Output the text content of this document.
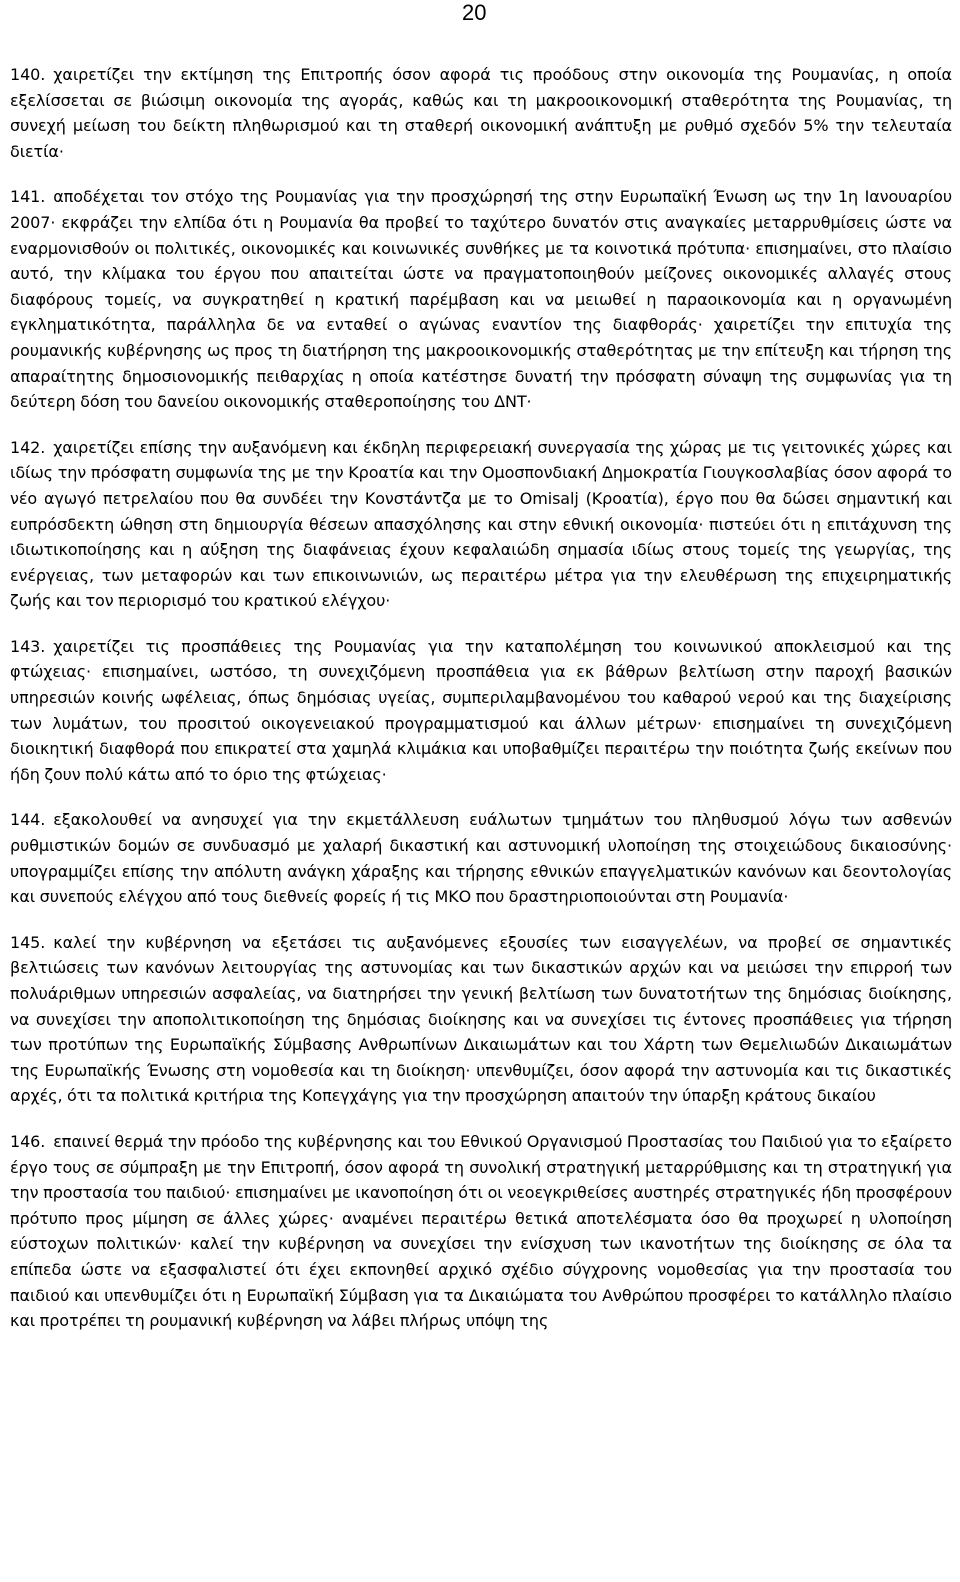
20

140. χαιρετίζει την εκτίμηση της Επιτροπής όσον αφορά τις προόδους στην οικονομία της Ρουμανίας, η οποία εξελίσσεται σε βιώσιμη οικονομία της αγοράς, καθώς και τη μακροοικονομική σταθερότητα της Ρουμανίας, τη συνεχή μείωση του δείκτη πληθωρισμού και τη σταθερή οικονομική ανάπτυξη με ρυθμό σχεδόν 5% την τελευταία διετία·

141. αποδέχεται τον στόχο της Ρουμανίας για την προσχώρησή της στην Ευρωπαϊκή Ένωση ως την 1η Ιανουαρίου 2007· εκφράζει την ελπίδα ότι η Ρουμανία θα προβεί το ταχύτερο δυνατόν στις αναγκαίες μεταρρυθμίσεις ώστε να εναρμονισθούν οι πολιτικές, οικονομικές και κοινωνικές συνθήκες με τα κοινοτικά πρότυπα· επισημαίνει, στο πλαίσιο αυτό, την κλίμακα του έργου που απαιτείται ώστε να πραγματοποιηθούν μείζονες οικονομικές αλλαγές στους διαφόρους τομείς, να συγκρατηθεί η κρατική παρέμβαση και να μειωθεί η παραοικονομία και η οργανωμένη εγκληματικότητα, παράλληλα δε να ενταθεί ο αγώνας εναντίον της διαφθοράς· χαιρετίζει την επιτυχία της ρουμανικής κυβέρνησης ως προς τη διατήρηση της μακροοικονομικής σταθερότητας με την επίτευξη και τήρηση της απαραίτητης δημοσιονομικής πειθαρχίας η οποία κατέστησε δυνατή την πρόσφατη σύναψη της συμφωνίας για τη δεύτερη δόση του δανείου οικονομικής σταθεροποίησης του ΔΝΤ·

142. χαιρετίζει επίσης την αυξανόμενη και έκδηλη περιφερειακή συνεργασία της χώρας με τις γειτονικές χώρες και ιδίως την πρόσφατη συμφωνία της με την Κροατία και την Ομοσπονδιακή Δημοκρατία Γιουγκοσλαβίας όσον αφορά το νέο αγωγό πετρελαίου που θα συνδέει την Κονστάντζα με το Omisalj (Κροατία), έργο που θα δώσει σημαντική και ευπρόσδεκτη ώθηση στη δημιουργία θέσεων απασχόλησης και στην εθνική οικονομία· πιστεύει ότι η επιτάχυνση της ιδιωτικοποίησης και η αύξηση της διαφάνειας έχουν κεφαλαιώδη σημασία ιδίως στους τομείς της γεωργίας, της ενέργειας, των μεταφορών και των επικοινωνιών, ως περαιτέρω μέτρα για την ελευθέρωση της επιχειρηματικής ζωής και τον περιορισμό του κρατικού ελέγχου·

143. χαιρετίζει τις προσπάθειες της Ρουμανίας για την καταπολέμηση του κοινωνικού αποκλεισμού και της φτώχειας· επισημαίνει, ωστόσο, τη συνεχιζόμενη προσπάθεια για εκ βάθρων βελτίωση στην παροχή βασικών υπηρεσιών κοινής ωφέλειας, όπως δημόσιας υγείας, συμπεριλαμβανομένου του καθαρού νερού και της διαχείρισης των λυμάτων, του προσιτού οικογενειακού προγραμματισμού και άλλων μέτρων· επισημαίνει τη συνεχιζόμενη διοικητική διαφθορά που επικρατεί στα χαμηλά κλιμάκια και υποβαθμίζει περαιτέρω την ποιότητα ζωής εκείνων που ήδη ζουν πολύ κάτω από το όριο της φτώχειας·

144. εξακολουθεί να ανησυχεί για την εκμετάλλευση ευάλωτων τμημάτων του πληθυσμού λόγω των ασθενών ρυθμιστικών δομών σε συνδυασμό με χαλαρή δικαστική και αστυνομική υλοποίηση της στοιχειώδους δικαιοσύνης· υπογραμμίζει επίσης την απόλυτη ανάγκη χάραξης και τήρησης εθνικών επαγγελματικών κανόνων και δεοντολογίας και συνεπούς ελέγχου από τους διεθνείς φορείς ή τις ΜΚΟ που δραστηριοποιούνται στη Ρουμανία·

145. καλεί την κυβέρνηση να εξετάσει τις αυξανόμενες εξουσίες των εισαγγελέων, να προβεί σε σημαντικές βελτιώσεις των κανόνων λειτουργίας της αστυνομίας και των δικαστικών αρχών και να μειώσει την επιρροή των πολυάριθμων υπηρεσιών ασφαλείας, να διατηρήσει την γενική βελτίωση των δυνατοτήτων της δημόσιας διοίκησης, να συνεχίσει την αποπολιτικοποίηση της δημόσιας διοίκησης και να συνεχίσει τις έντονες προσπάθειες για τήρηση των προτύπων της Ευρωπαϊκής Σύμβασης Ανθρωπίνων Δικαιωμάτων και του Χάρτη των Θεμελιωδών Δικαιωμάτων της Ευρωπαϊκής Ένωσης στη νομοθεσία και τη διοίκηση· υπενθυμίζει, όσον αφορά την αστυνομία και τις δικαστικές αρχές, ότι τα πολιτικά κριτήρια της Κοπεγχάγης για την προσχώρηση απαιτούν την ύπαρξη κράτους δικαίου

146. επαινεί θερμά την πρόοδο της κυβέρνησης και του Εθνικού Οργανισμού Προστασίας του Παιδιού για το εξαίρετο έργο τους σε σύμπραξη με την Επιτροπή, όσον αφορά τη συνολική στρατηγική μεταρρύθμισης και τη στρατηγική για την προστασία του παιδιού· επισημαίνει με ικανοποίηση ότι οι νεοεγκριθείσες αυστηρές στρατηγικές ήδη προσφέρουν πρότυπο προς μίμηση σε άλλες χώρες· αναμένει περαιτέρω θετικά αποτελέσματα όσο θα προχωρεί η υλοποίηση εύστοχων πολιτικών· καλεί την κυβέρνηση να συνεχίσει την ενίσχυση των ικανοτήτων της διοίκησης σε όλα τα επίπεδα ώστε να εξασφαλιστεί ότι έχει εκπονηθεί αρχικό σχέδιο σύγχρονης νομοθεσίας για την προστασία του παιδιού και υπενθυμίζει ότι η Ευρωπαϊκή Σύμβαση για τα Δικαιώματα του Ανθρώπου προσφέρει το κατάλληλο πλαίσιο και προτρέπει τη ρουμανική κυβέρνηση να λάβει πλήρως υπόψη της
